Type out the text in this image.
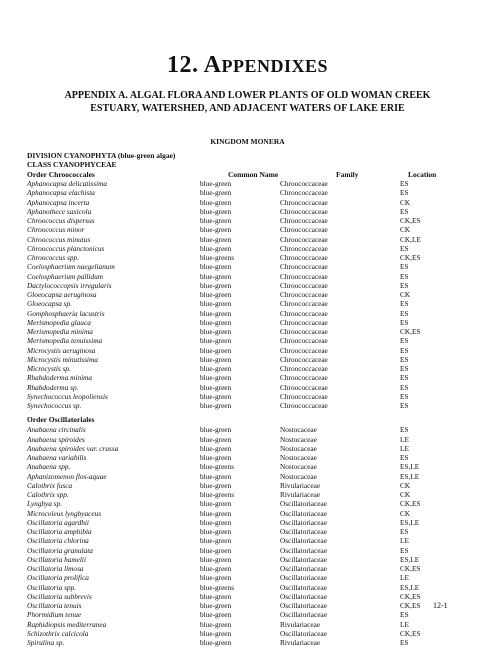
12. APPENDIXES
APPENDIX A. ALGAL FLORA AND LOWER PLANTS OF OLD WOMAN CREEK
ESTUARY, WATERSHED, AND ADJACENT WATERS OF LAKE ERIE
KINGDOM MONERA
DIVISION CYANOPHYTA (blue-green algae)
CLASS CYANOPHYCEAE
Order Chroococcales	Common Name	Family	Location
Aphanocapsa delicatissima	blue-green	Chroococcaceae	ES
Aphanocapsa elachista	blue-green	Chroococcaceae	ES
Aphanocapsa incerta	blue-green	Chroococcaceae	CK
Aphanothece saxicola	blue-green	Chroococcaceae	ES
Chroococcus dispersus	blue-green	Chroococcaceae	CK,ES
Chroococcus minor	blue-green	Chroococcaceae	CK
Chroococcus minutus	blue-green	Chroococcaceae	CK,LE
Chroococcus planctonicus	blue-green	Chroococcaceae	ES
Chroococcus spp.	blue-greens	Chroococcaceae	CK,ES
Coelosphaerium naegelianum	blue-green	Chroococcaceae	ES
Coelosphaerium pallidum	blue-green	Chroococcaceae	ES
Dactylococcopsis irregularis	blue-green	Chroococcaceae	ES
Gloeocapsa aeruginosa	blue-green	Chroococcaceae	CK
Gloeocapsa sp.	blue-green	Chroococcaceae	ES
Gomphosphaeria lacustris	blue-green	Chroococcaceae	ES
Merismopedia glauca	blue-green	Chroococcaceae	ES
Merismopedia minima	blue-green	Chroococcaceae	CK,ES
Merismopedia tenuissima	blue-green	Chroococcaceae	ES
Microcystis aeruginosa	blue-green	Chroococcaceae	ES
Microcystis minutissima	blue-green	Chroococcaceae	ES
Microcystis sp.	blue-green	Chroococcaceae	ES
Rhabdoderma minima	blue-green	Chroococcaceae	ES
Rhabdoderma sp.	blue-green	Chroococcaceae	ES
Synechococcus leopoliensis	blue-green	Chroococcaceae	ES
Synechococcus sp.	blue-green	Chroococcaceae	ES
Order Oscillatoriales
Anabaena circinalis	blue-green	Nostocaceae	ES
Anabaena spiroides	blue-green	Nostocaceae	LE
Anabaena spiroides var. crassa	blue-green	Nostocaceae	LE
Anabaena variabilis	blue-green	Nostocaceae	ES
Anabaena spp.	blue-greens	Nostocaceae	ES,LE
Aphanizomenon flos-aquae	blue-green	Nostocaceae	ES,LE
Calothrix fusca	blue-green	Rivulariaceae	CK
Calothrix spp.	blue-greens	Rivulariaceae	CK
Lyngbya sp.	blue-green	Oscillatoriaceae	CK,ES
Microcoleus lyngbyaceus	blue-green	Oscillatoriaceae	CK
Oscillatoria agardhii	blue-green	Oscillatoriaceae	ES,LE
Oscillatoria amphibia	blue-green	Oscillatoriaceae	ES
Oscillatoria chlorina	blue-green	Oscillatoriaceae	LE
Oscillatoria granulata	blue-green	Oscillatoriaceae	ES
Oscillatoria hamelii	blue-green	Oscillatoriaceae	ES,LE
Oscillatoria limosa	blue-green	Oscillatoriaceae	CK,ES
Oscillatoria prolifica	blue-green	Oscillatoriaceae	LE
Oscillatoria spp.	blue-greens	Oscillatoriaceae	ES,LE
Oscillatoria subbrevis	blue-green	Oscillatoriaceae	CK,ES
Oscillatoria tenuis	blue-green	Oscillatoriaceae	CK,ES
Phormidium tenue	blue-green	Oscillatoriaceae	ES
Raphidiopsis mediterranea	blue-green	Rivulariaceae	LE
Schizothrix calcicola	blue-green	Oscillatoriaceae	CK,ES
Spirulina sp.	blue-green	Rivulariaceae	ES
12-1
